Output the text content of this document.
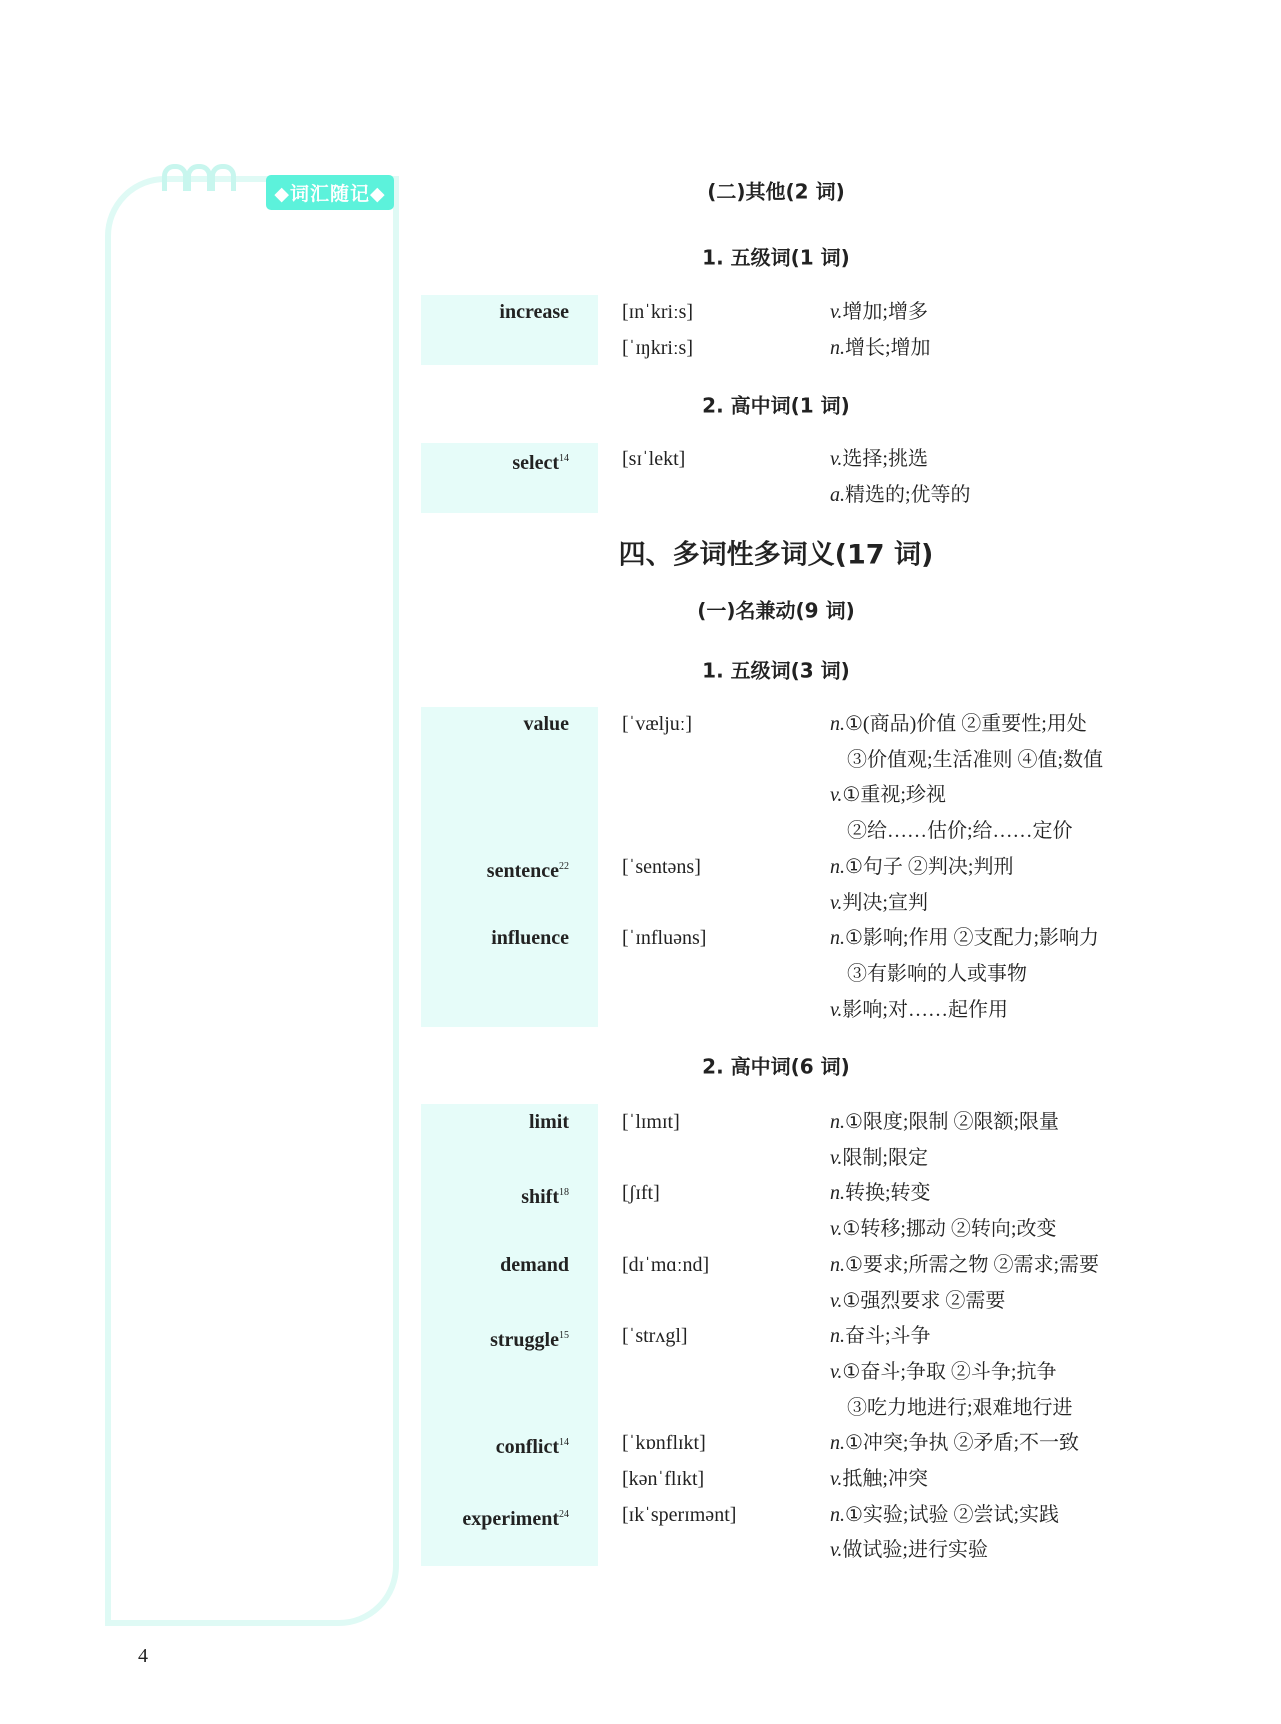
◆词汇随记◆	(二)其他(2 词)
1. 五级词(1 词)
increase	[ɪnˈkriːs]	v.增加;增多
[ˈɪŋkriːs]	n.增长;增加
2. 高中词(1 词)
select$^{14}$	[sɪˈlekt]	v.选择;挑选
a.精选的;优等的
四、多词性多词义(17 词)
(一)名兼动(9 词)
1. 五级词(3 词)
value	[ˈvæljuː]	n.①(商品)价值 ②重要性;用处
③价值观;生活准则 ④值;数值
v.①重视;珍视
②给……估价;给……定价
sentence$^{22}$	[ˈsentəns]	n.①句子 ②判决;判刑
v.判决;宣判
influence	[ˈɪnfluəns]	n.①影响;作用 ②支配力;影响力
③有影响的人或事物
v.影响;对……起作用
2. 高中词(6 词)
limit	[ˈlɪmɪt]	n.①限度;限制 ②限额;限量
v.限制;限定
shift$^{18}$	[ʃɪft]	n.转换;转变
v.①转移;挪动 ②转向;改变
demand	[dɪˈmɑːnd]	n.①要求;所需之物 ②需求;需要
v.①强烈要求 ②需要
struggle$^{15}$	[ˈstrʌgl]	n.奋斗;斗争
v.①奋斗;争取 ②斗争;抗争
③吃力地进行;艰难地行进
conflict$^{14}$	[ˈkɒnflɪkt]	n.①冲突;争执 ②矛盾;不一致
[kənˈflɪkt]	v.抵触;冲突
experiment$^{24}$	[ɪkˈsperɪmənt]	n.①实验;试验 ②尝试;实践
v.做试验;进行实验
4
